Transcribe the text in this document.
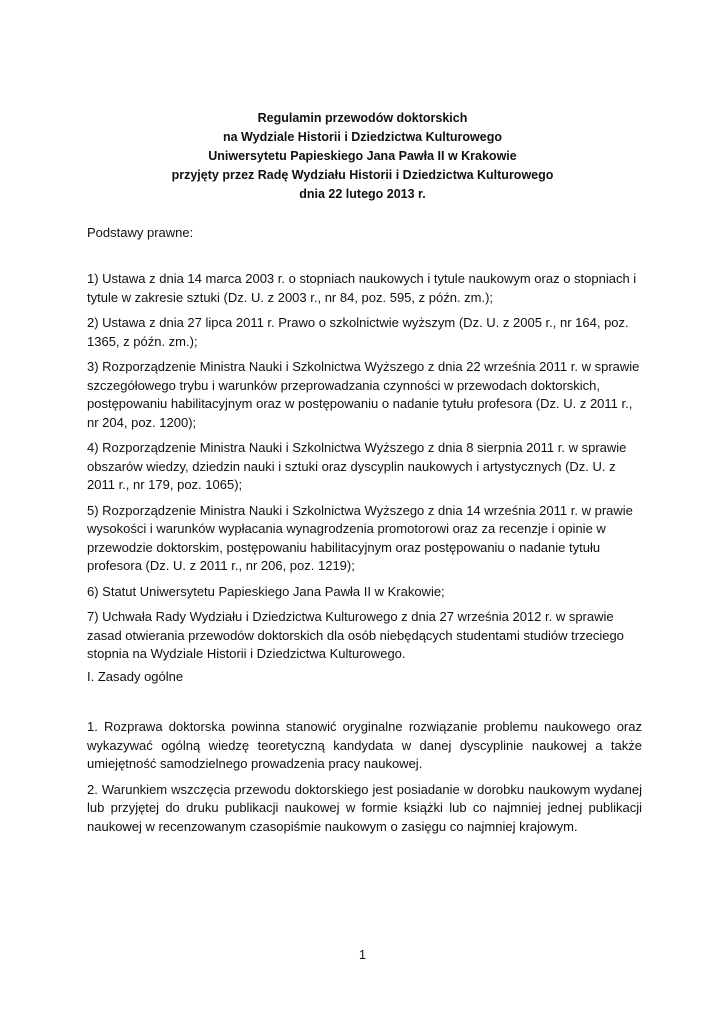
Regulamin przewodów doktorskich
na Wydziale Historii i Dziedzictwa Kulturowego
Uniwersytetu Papieskiego Jana Pawła II w Krakowie
przyjęty przez Radę Wydziału Historii i Dziedzictwa Kulturowego
dnia 22 lutego 2013 r.
Podstawy prawne:

1) Ustawa z dnia 14 marca 2003 r. o stopniach naukowych i tytule naukowym oraz o stopniach i tytule w zakresie sztuki (Dz. U. z 2003 r., nr 84, poz. 595, z późn. zm.);

2) Ustawa z dnia 27 lipca 2011 r. Prawo o szkolnictwie wyższym (Dz. U. z 2005 r., nr 164, poz. 1365, z późn. zm.);

3) Rozporządzenie Ministra Nauki i Szkolnictwa Wyższego z dnia 22 września 2011 r. w sprawie szczegółowego trybu i warunków przeprowadzania czynności w przewodach doktorskich, postępowaniu habilitacyjnym oraz w postępowaniu o nadanie tytułu profesora (Dz. U. z 2011 r., nr 204, poz. 1200);

4) Rozporządzenie Ministra Nauki i Szkolnictwa Wyższego z dnia 8 sierpnia 2011 r. w sprawie obszarów wiedzy, dziedzin nauki i sztuki oraz dyscyplin naukowych i artystycznych (Dz. U. z 2011 r., nr 179, poz. 1065);

5) Rozporządzenie Ministra Nauki i Szkolnictwa Wyższego z dnia 14 września 2011 r. w prawie wysokości i warunków wypłacania wynagrodzenia promotorowi oraz za recenzje i opinie w przewodzie doktorskim, postępowaniu habilitacyjnym oraz postępowaniu o nadanie tytułu profesora (Dz. U. z 2011 r., nr 206, poz. 1219);

6) Statut Uniwersytetu Papieskiego Jana Pawła II w Krakowie;

7) Uchwała Rady Wydziału i Dziedzictwa Kulturowego z dnia 27 września 2012 r. w sprawie zasad otwierania przewodów doktorskich dla osób niebędących studentami studiów trzeciego stopnia na Wydziale Historii i Dziedzictwa Kulturowego.

I. Zasady ogólne

1. Rozprawa doktorska powinna stanowić oryginalne rozwiązanie problemu naukowego oraz wykazywać ogólną wiedzę teoretyczną kandydata w danej dyscyplinie naukowej a także umiejętność samodzielnego prowadzenia pracy naukowej.

2. Warunkiem wszczęcia przewodu doktorskiego jest posiadanie w dorobku naukowym wydanej lub przyjętej do druku publikacji naukowej w formie książki lub co najmniej jednej publikacji naukowej w recenzowanym czasopiśmie naukowym o zasięgu co najmniej krajowym.

1
